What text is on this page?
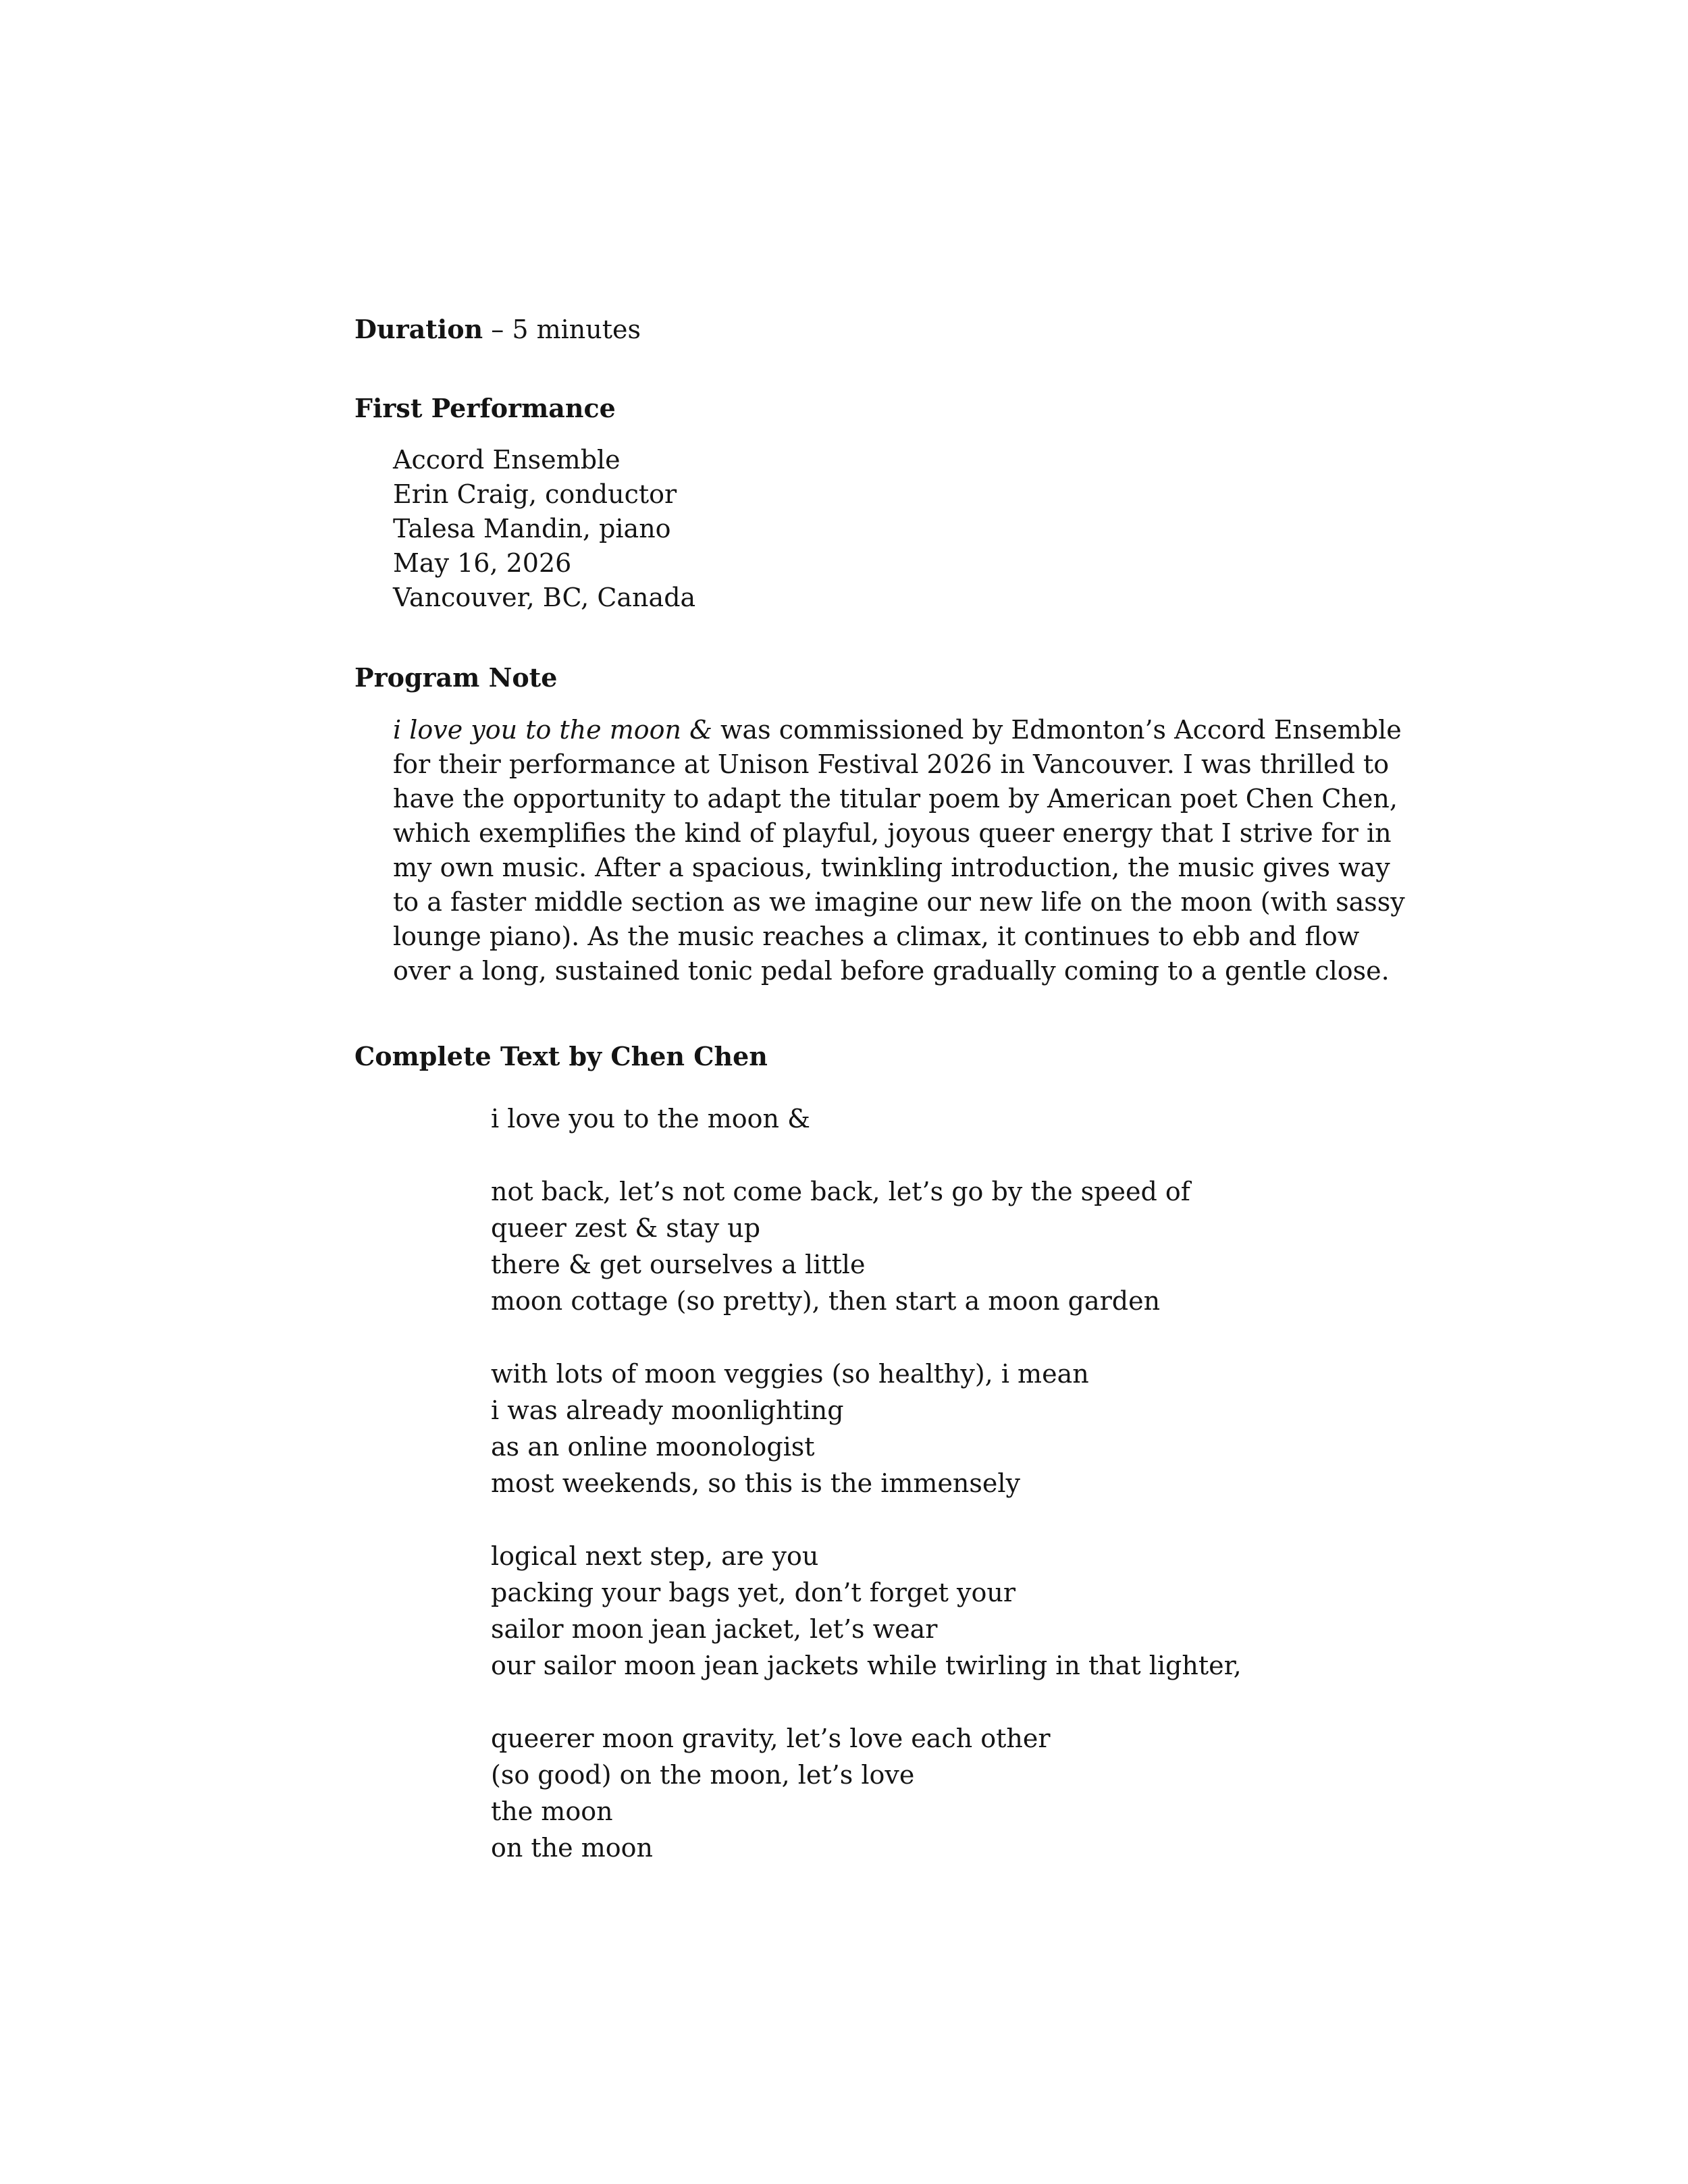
Duration – 5 minutes
First Performance
Accord Ensemble
Erin Craig, conductor
Talesa Mandin, piano
May 16, 2026
Vancouver, BC, Canada
Program Note
i love you to the moon & was commissioned by Edmonton’s Accord Ensemble
for their performance at Unison Festival 2026 in Vancouver. I was thrilled to
have the opportunity to adapt the titular poem by American poet Chen Chen,
which exemplifies the kind of playful, joyous queer energy that I strive for in
my own music. After a spacious, twinkling introduction, the music gives way
to a faster middle section as we imagine our new life on the moon (with sassy
lounge piano). As the music reaches a climax, it continues to ebb and flow
over a long, sustained tonic pedal before gradually coming to a gentle close.
Complete Text by Chen Chen
i love you to the moon &
not back, let’s not come back, let’s go by the speed of
queer zest & stay up
there & get ourselves a little
moon cottage (so pretty), then start a moon garden
with lots of moon veggies (so healthy), i mean
i was already moonlighting
as an online moonologist
most weekends, so this is the immensely
logical next step, are you
packing your bags yet, don’t forget your
sailor moon jean jacket, let’s wear
our sailor moon jean jackets while twirling in that lighter,
queerer moon gravity, let’s love each other
(so good) on the moon, let’s love
the moon
on the moon
